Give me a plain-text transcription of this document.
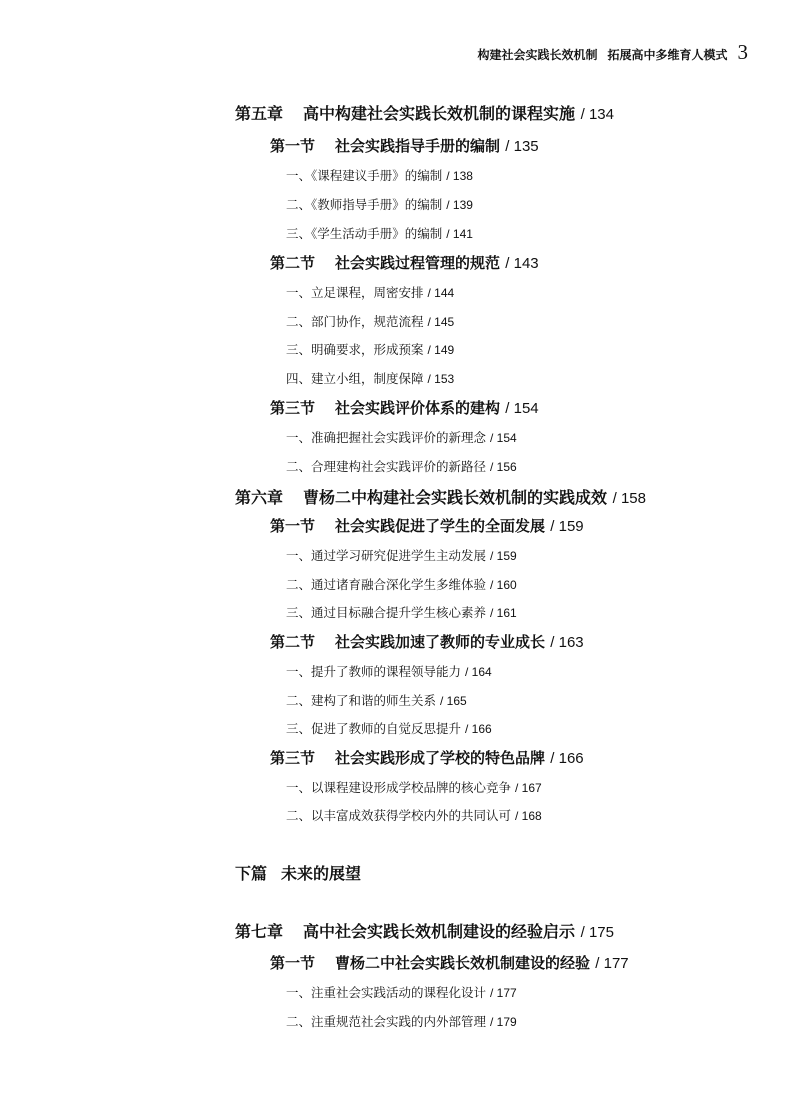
构建社会实践长效机制 拓展高中多维育人模式 3
第五章 高中构建社会实践长效机制的课程实施 / 134
第一节 社会实践指导手册的编制 / 135
一、《课程建议手册》的编制 / 138
二、《教师指导手册》的编制 / 139
三、《学生活动手册》的编制 / 141
第二节 社会实践过程管理的规范 / 143
一、立足课程，周密安排 / 144
二、部门协作，规范流程 / 145
三、明确要求，形成预案 / 149
四、建立小组，制度保障 / 153
第三节 社会实践评价体系的建构 / 154
一、准确把握社会实践评价的新理念 / 154
二、合理建构社会实践评价的新路径 / 156
第六章 曹杨二中构建社会实践长效机制的实践成效 / 158
第一节 社会实践促进了学生的全面发展 / 159
一、通过学习研究促进学生主动发展 / 159
二、通过诸育融合深化学生多维体验 / 160
三、通过目标融合提升学生核心素养 / 161
第二节 社会实践加速了教师的专业成长 / 163
一、提升了教师的课程领导能力 / 164
二、建构了和谐的师生关系 / 165
三、促进了教师的自觉反思提升 / 166
第三节 社会实践形成了学校的特色品牌 / 166
一、以课程建设形成学校品牌的核心竞争 / 167
二、以丰富成效获得学校内外的共同认可 / 168
下篇 未来的展望
第七章 高中社会实践长效机制建设的经验启示 / 175
第一节 曹杨二中社会实践长效机制建设的经验 / 177
一、注重社会实践活动的课程化设计 / 177
二、注重规范社会实践的内外部管理 / 179
